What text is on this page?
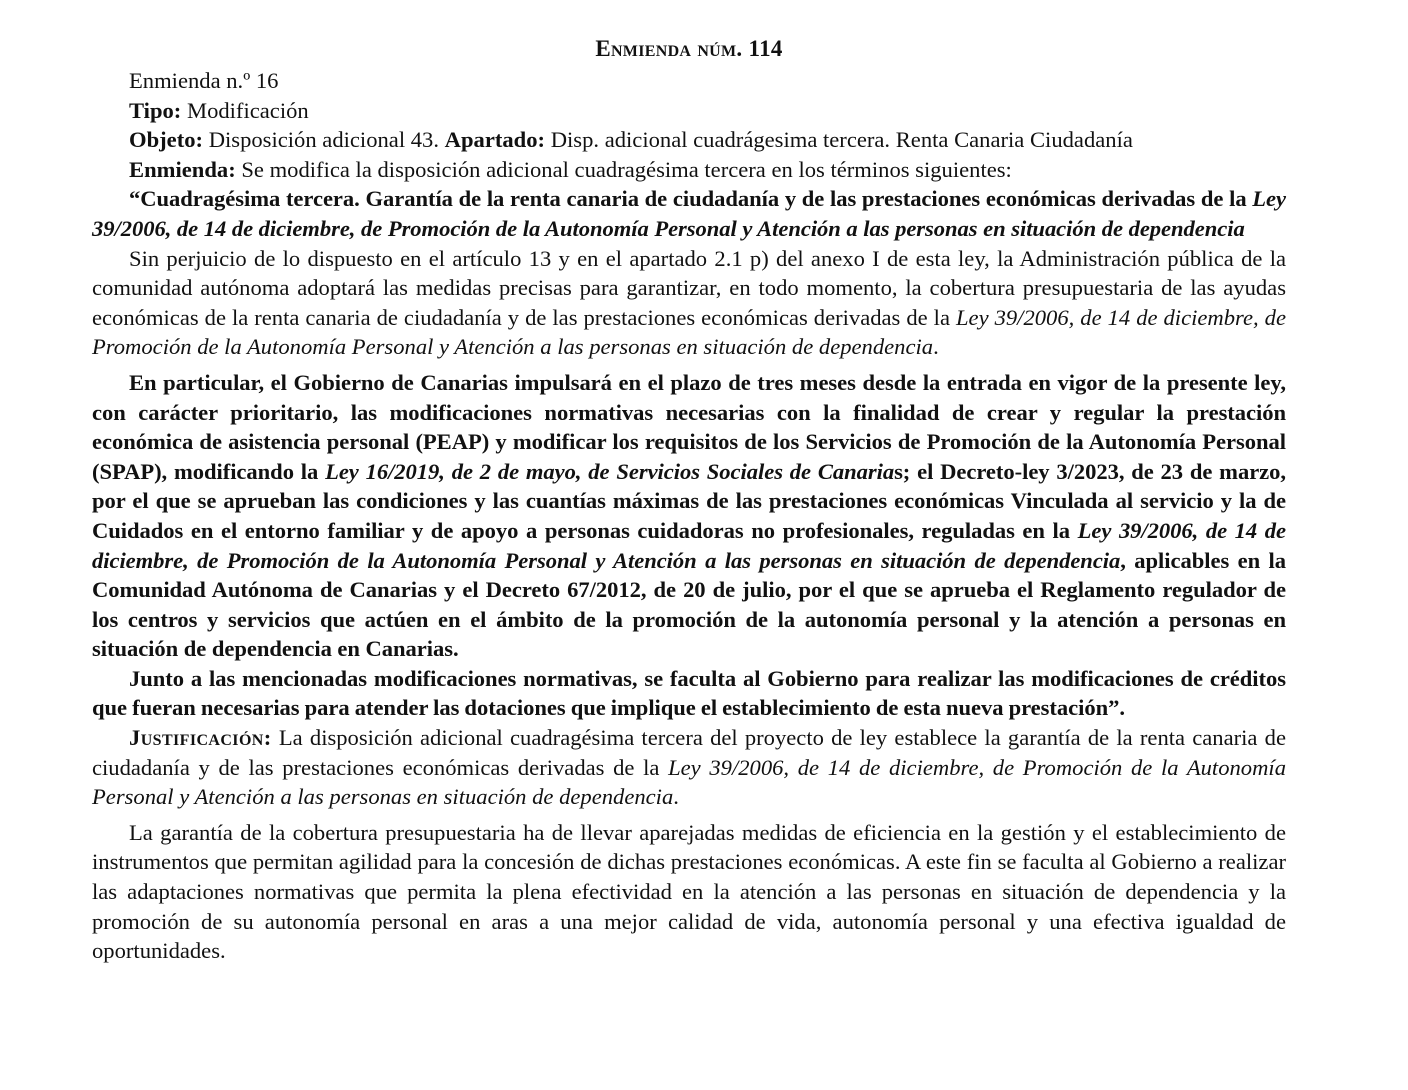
Enmienda núm. 114

Enmienda n.º 16

Tipo: Modificación

Objeto: Disposición adicional 43. Apartado: Disp. adicional cuadrágesima tercera. Renta Canaria Ciudadanía

Enmienda: Se modifica la disposición adicional cuadragésima tercera en los términos siguientes:

“Cuadragésima tercera. Garantía de la renta canaria de ciudadanía y de las prestaciones económicas derivadas de la Ley 39/2006, de 14 de diciembre, de Promoción de la Autonomía Personal y Atención a las personas en situación de dependencia

Sin perjuicio de lo dispuesto en el artículo 13 y en el apartado 2.1 p) del anexo I de esta ley, la Administración pública de la comunidad autónoma adoptará las medidas precisas para garantizar, en todo momento, la cobertura presupuestaria de las ayudas económicas de la renta canaria de ciudadanía y de las prestaciones económicas derivadas de la Ley 39/2006, de 14 de diciembre, de Promoción de la Autonomía Personal y Atención a las personas en situación de dependencia.

En particular, el Gobierno de Canarias impulsará en el plazo de tres meses desde la entrada en vigor de la presente ley, con carácter prioritario, las modificaciones normativas necesarias con la finalidad de crear y regular la prestación económica de asistencia personal (PEAP) y modificar los requisitos de los Servicios de Promoción de la Autonomía Personal (SPAP), modificando la Ley 16/2019, de 2 de mayo, de Servicios Sociales de Canarias; el Decreto-ley 3/2023, de 23 de marzo, por el que se aprueban las condiciones y las cuantías máximas de las prestaciones económicas Vinculada al servicio y la de Cuidados en el entorno familiar y de apoyo a personas cuidadoras no profesionales, reguladas en la Ley 39/2006, de 14 de diciembre, de Promoción de la Autonomía Personal y Atención a las personas en situación de dependencia, aplicables en la Comunidad Autónoma de Canarias y el Decreto 67/2012, de 20 de julio, por el que se aprueba el Reglamento regulador de los centros y servicios que actúen en el ámbito de la promoción de la autonomía personal y la atención a personas en situación de dependencia en Canarias.

Junto a las mencionadas modificaciones normativas, se faculta al Gobierno para realizar las modificaciones de créditos que fueran necesarias para atender las dotaciones que implique el establecimiento de esta nueva prestación”.

Justificación: La disposición adicional cuadragésima tercera del proyecto de ley establece la garantía de la renta canaria de ciudadanía y de las prestaciones económicas derivadas de la Ley 39/2006, de 14 de diciembre, de Promoción de la Autonomía Personal y Atención a las personas en situación de dependencia.

La garantía de la cobertura presupuestaria ha de llevar aparejadas medidas de eficiencia en la gestión y el establecimiento de instrumentos que permitan agilidad para la concesión de dichas prestaciones económicas. A este fin se faculta al Gobierno a realizar las adaptaciones normativas que permita la plena efectividad en la atención a las personas en situación de dependencia y la promoción de su autonomía personal en aras a una mejor calidad de vida, autonomía personal y una efectiva igualdad de oportunidades.
